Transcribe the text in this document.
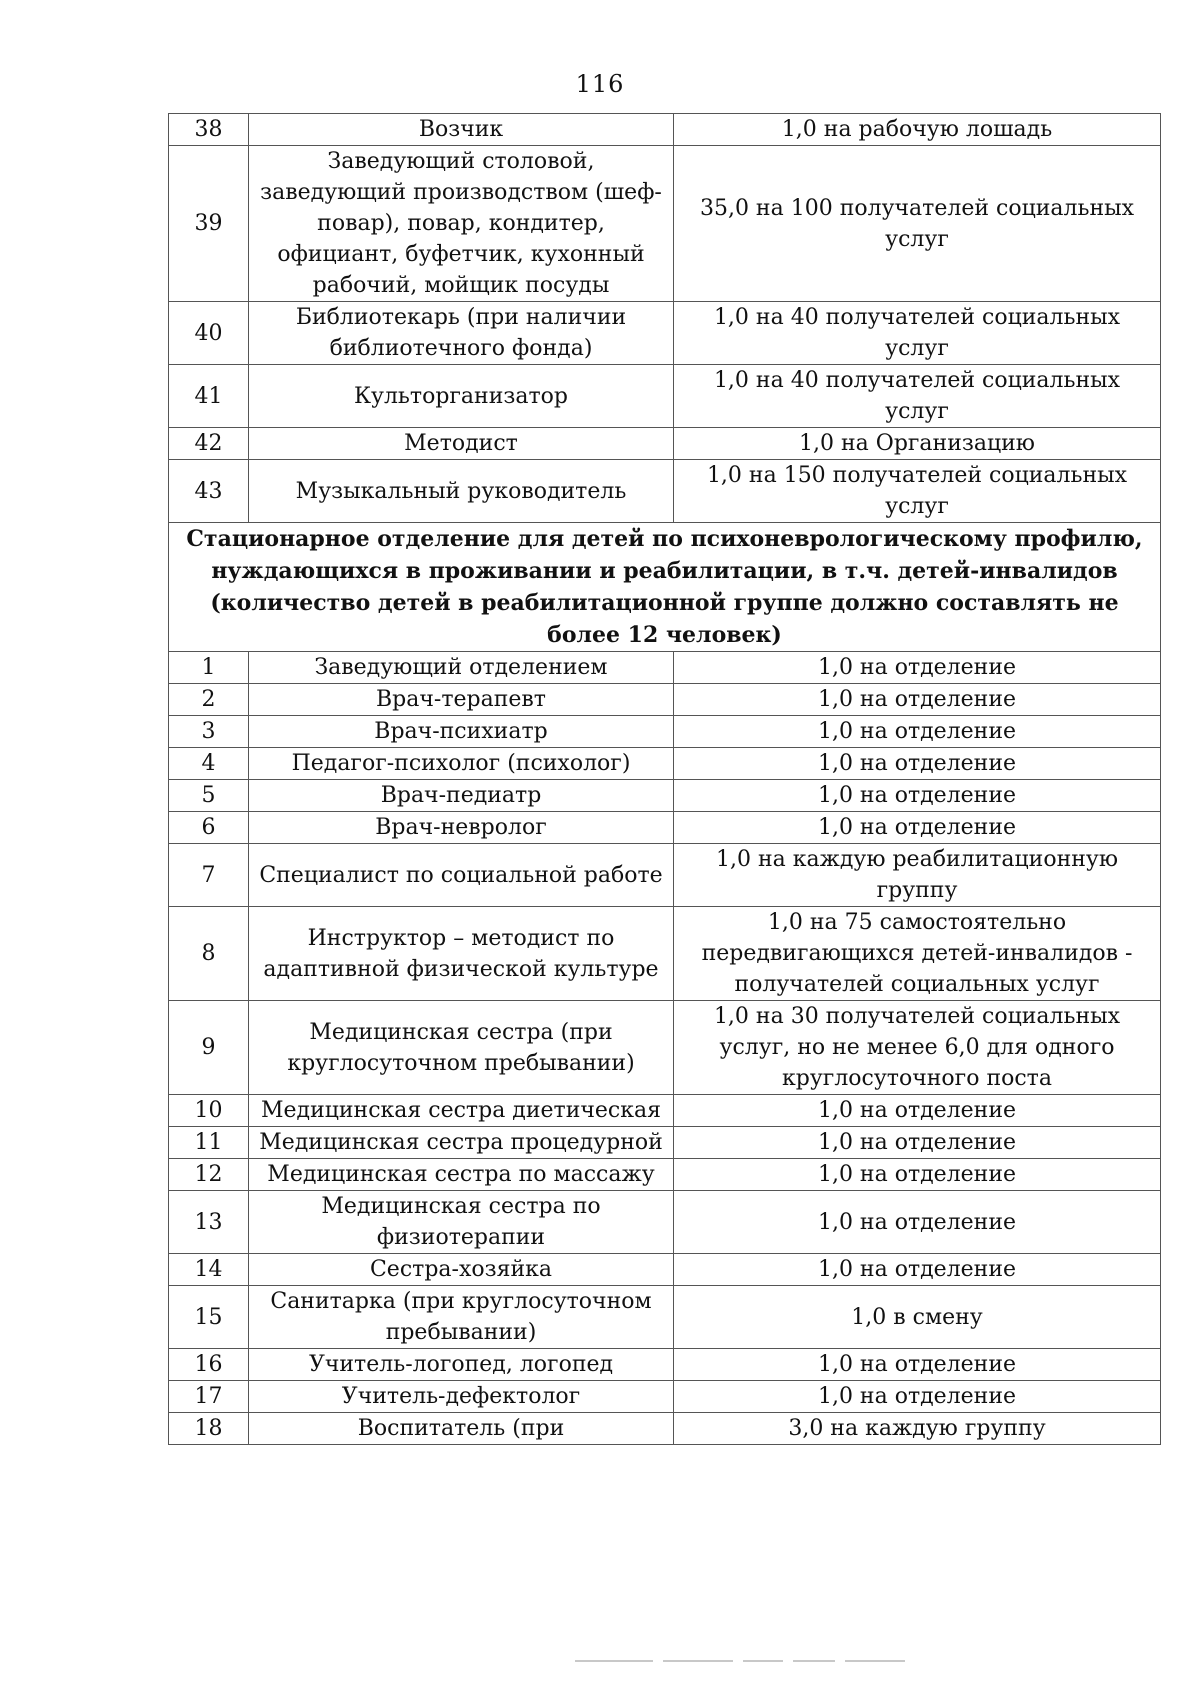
116
38	Возчик	1,0 на рабочую лошадь
39	Заведующий столовой, заведующий производством (шеф-повар), повар, кондитер, официант, буфетчик, кухонный рабочий, мойщик посуды	35,0 на 100 получателей социальных услуг
40	Библиотекарь (при наличии библиотечного фонда)	1,0 на 40 получателей социальных услуг
41	Культорганизатор	1,0 на 40 получателей социальных услуг
42	Методист	1,0 на Организацию
43	Музыкальный руководитель	1,0 на 150 получателей социальных услуг
Стационарное отделение для детей по психоневрологическому профилю, нуждающихся в проживании и реабилитации, в т.ч. детей-инвалидов (количество детей в реабилитационной группе должно составлять не более 12 человек)		
1	Заведующий отделением	1,0 на отделение
2	Врач-терапевт	1,0 на отделение
3	Врач-психиатр	1,0 на отделение
4	Педагог-психолог (психолог)	1,0 на отделение
5	Врач-педиатр	1,0 на отделение
6	Врач-невролог	1,0 на отделение
7	Специалист по социальной работе	1,0 на каждую реабилитационную группу
8	Инструктор – методист по адаптивной физической культуре	1,0 на 75 самостоятельно передвигающихся детей-инвалидов - получателей социальных услуг
9	Медицинская сестра (при круглосуточном пребывании)	1,0 на 30 получателей социальных услуг, но не менее 6,0 для одного круглосуточного поста
10	Медицинская сестра диетическая	1,0 на отделение
11	Медицинская сестра процедурной	1,0 на отделение
12	Медицинская сестра по массажу	1,0 на отделение
13	Медицинская сестра по физиотерапии	1,0 на отделение
14	Сестра-хозяйка	1,0 на отделение
15	Санитарка (при круглосуточном пребывании)	1,0 в смену
16	Учитель-логопед, логопед	1,0 на отделение
17	Учитель-дефектолог	1,0 на отделение
18	Воспитатель (при	3,0 на каждую группу
